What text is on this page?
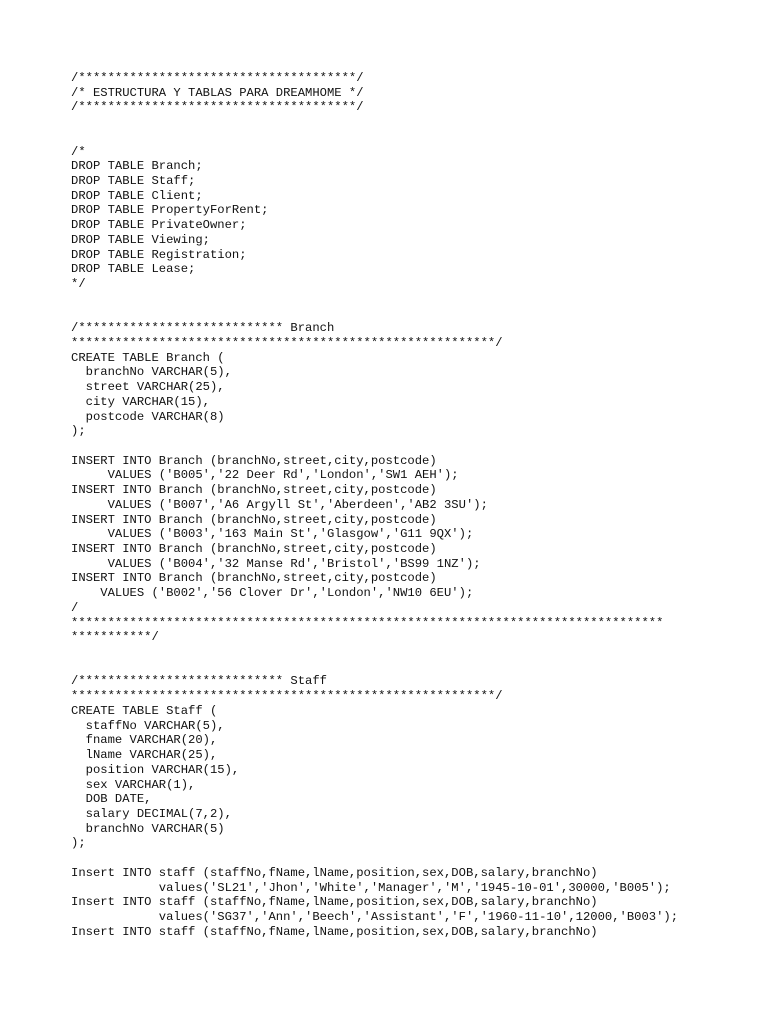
/**************************************/
/* ESTRUCTURA Y TABLAS PARA DREAMHOME */
/**************************************/
/*
DROP TABLE Branch;
DROP TABLE Staff;
DROP TABLE Client;
DROP TABLE PropertyForRent;
DROP TABLE PrivateOwner;
DROP TABLE Viewing;
DROP TABLE Registration;
DROP TABLE Lease;
*/
/**************************** Branch
**********************************************************/
CREATE TABLE Branch (
branchNo VARCHAR(5),
street VARCHAR(25),
city VARCHAR(15),
postcode VARCHAR(8)
);
INSERT INTO Branch (branchNo,street,city,postcode)
VALUES ('B005','22 Deer Rd','London','SW1 AEH');
INSERT INTO Branch (branchNo,street,city,postcode)
VALUES ('B007','A6 Argyll St','Aberdeen','AB2 3SU');
INSERT INTO Branch (branchNo,street,city,postcode)
VALUES ('B003','163 Main St','Glasgow','G11 9QX');
INSERT INTO Branch (branchNo,street,city,postcode)
VALUES ('B004','32 Manse Rd','Bristol','BS99 1NZ');
INSERT INTO Branch (branchNo,street,city,postcode)
VALUES ('B002','56 Clover Dr','London','NW10 6EU');
/
*********************************************************************************
***********/
/**************************** Staff
**********************************************************/
CREATE TABLE Staff (
staffNo VARCHAR(5),
fname VARCHAR(20),
lName VARCHAR(25),
position VARCHAR(15),
sex VARCHAR(1),
DOB DATE,
salary DECIMAL(7,2),
branchNo VARCHAR(5)
);
Insert INTO staff (staffNo,fName,lName,position,sex,DOB,salary,branchNo)
values('SL21','Jhon','White','Manager','M','1945-10-01',30000,'B005');
Insert INTO staff (staffNo,fName,lName,position,sex,DOB,salary,branchNo)
values('SG37','Ann','Beech','Assistant','F','1960-11-10',12000,'B003');
Insert INTO staff (staffNo,fName,lName,position,sex,DOB,salary,branchNo)
